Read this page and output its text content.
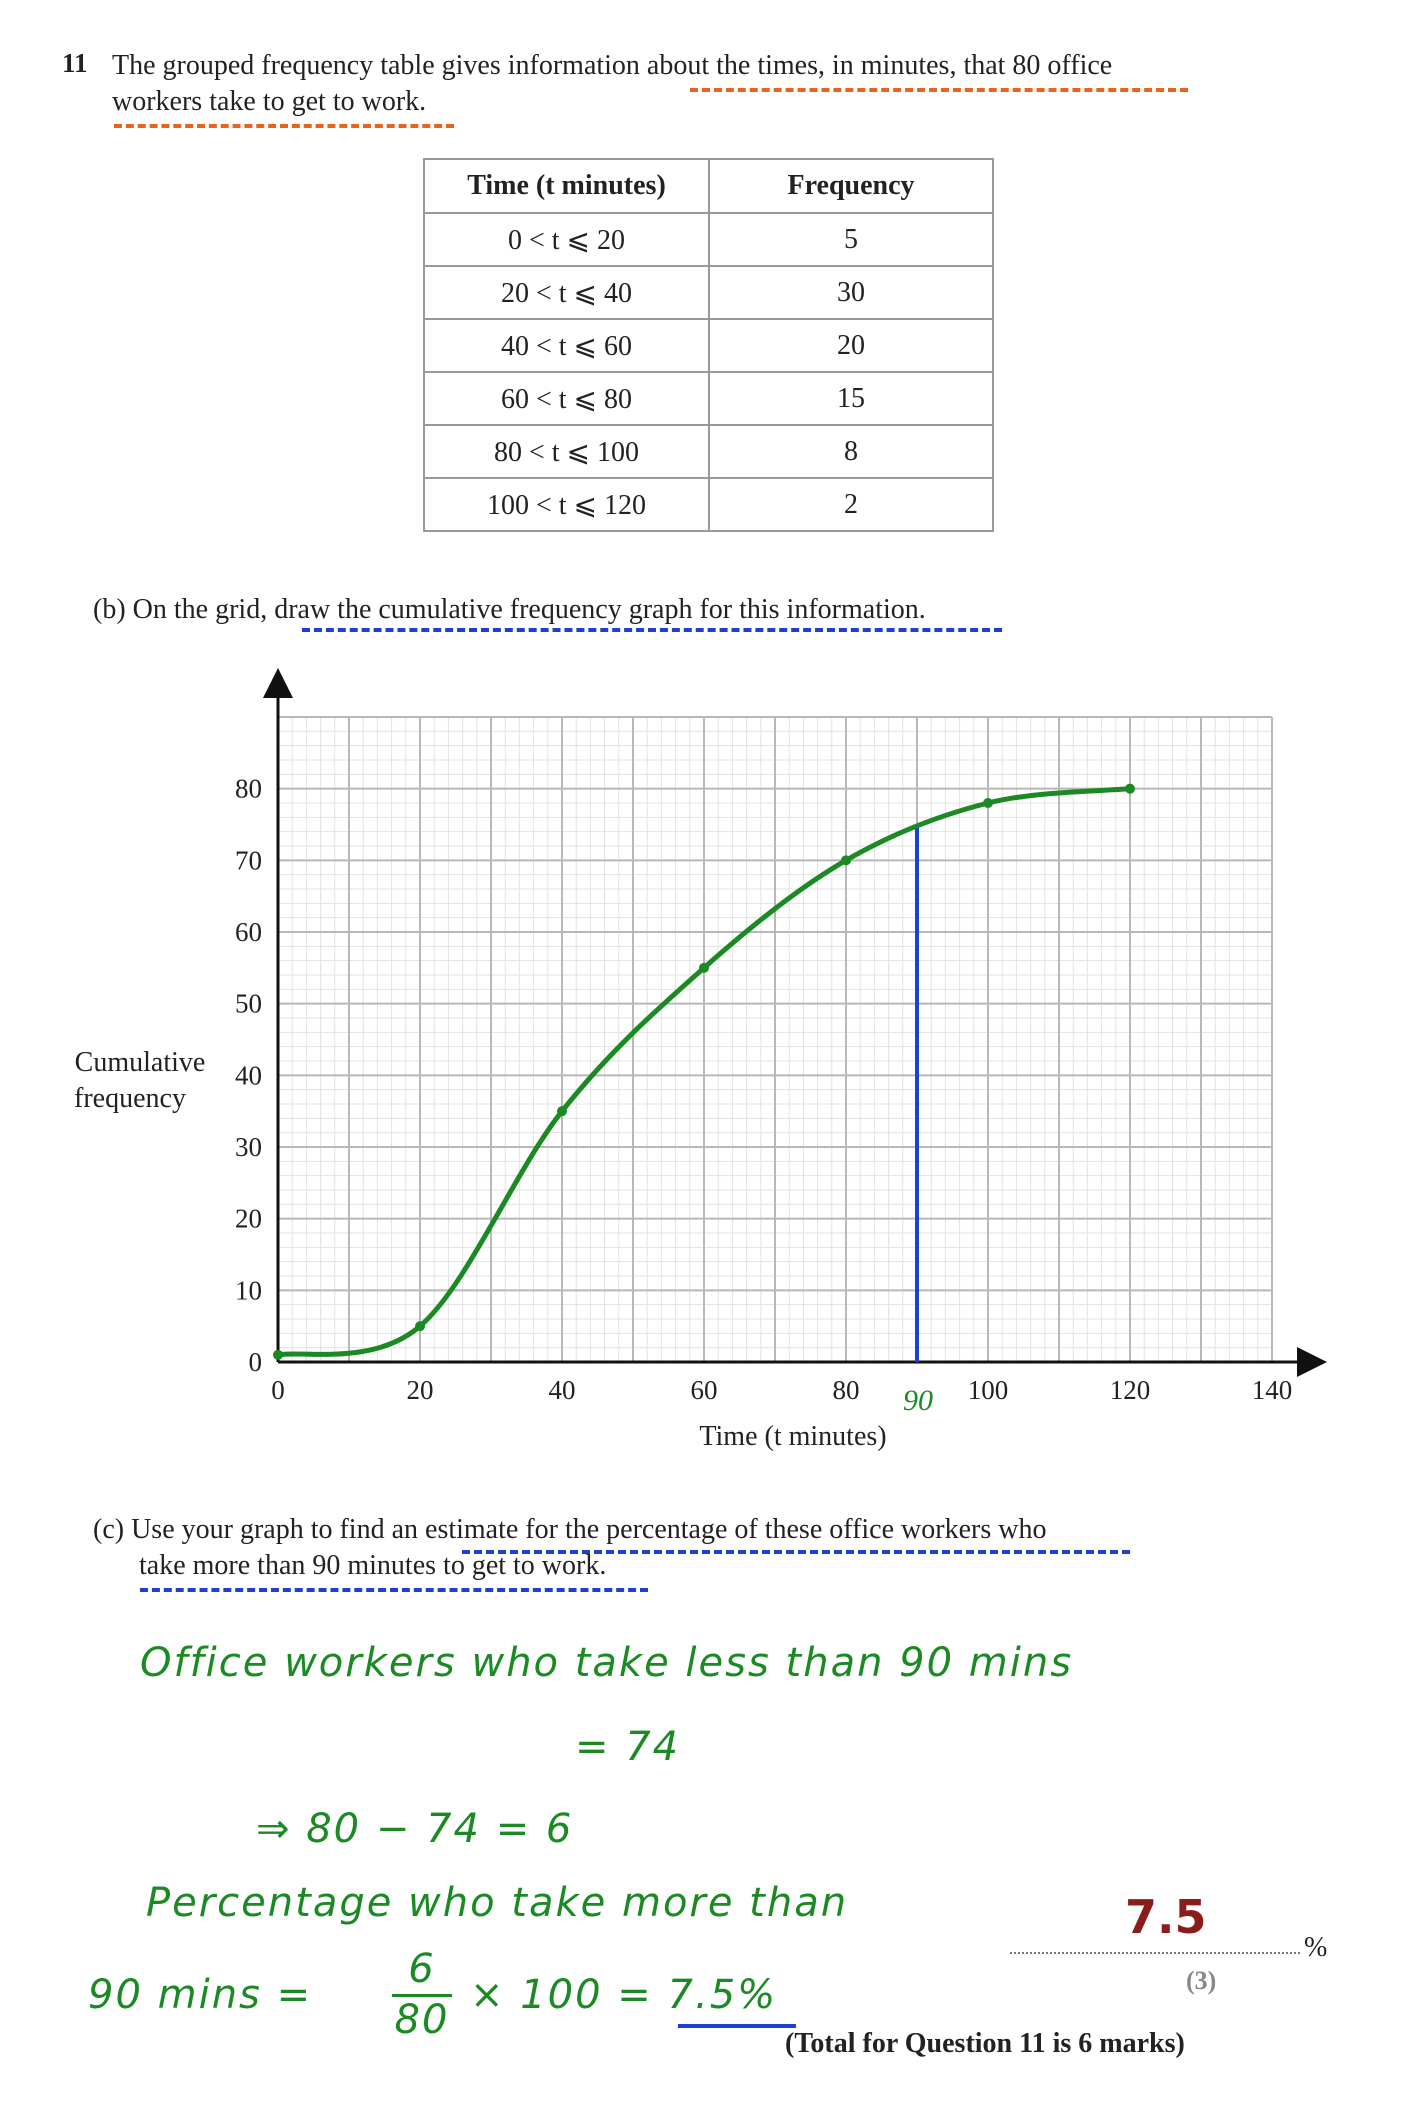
11 The grouped frequency table gives information about the times, in minutes, that 80 office
workers take to get to work.
Time (t minutes)	Frequency
0 < t ⩽ 20	5
20 < t ⩽ 40	30
40 < t ⩽ 60	20
60 < t ⩽ 80	15
80 < t ⩽ 100	8
100 < t ⩽ 120	2
(b) On the grid, draw the cumulative frequency graph for this information.
0
10
20
30
40
50
60
70
80
0	20	40	60	80	100	120	140
Cumulative
frequency
Time (t minutes)
90
(c) Use your graph to find an estimate for the percentage of these office workers who
take more than 90 minutes to get to work.
Office workers who take less than 90 mins
= 74
⇒ 80 − 74 = 6
Percentage who take more than
90 $\min s = \frac{6}{80} \times 100 = 7.5\%$
7.5
%
(3)
(Total for Question 11 is 6 marks)
